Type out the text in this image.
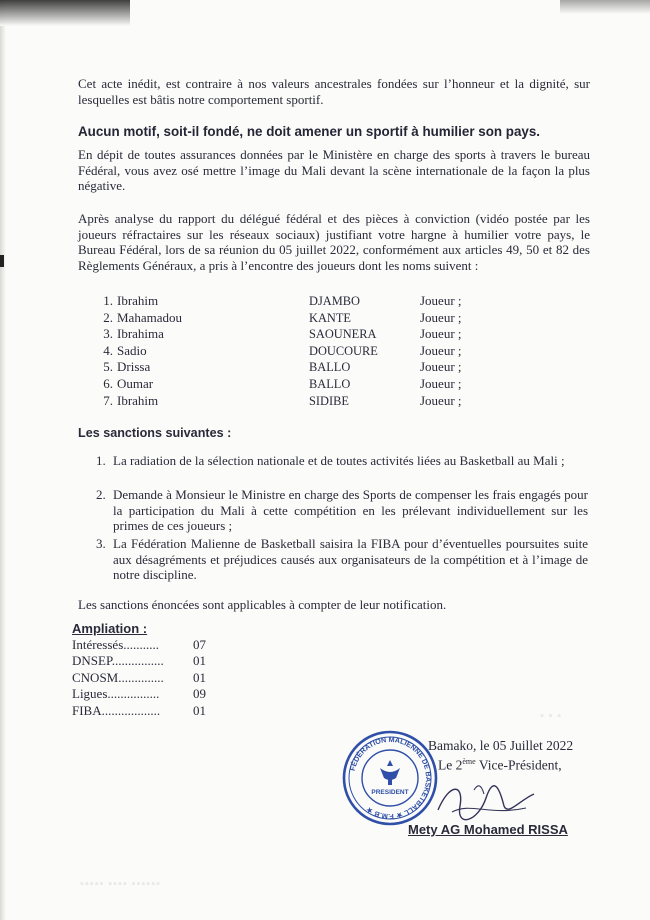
Cet acte inédit, est contraire à nos valeurs ancestrales fondées sur l’honneur et la dignité, sur lesquelles est bâtis notre comportement sportif.

Aucun motif, soit-il fondé, ne doit amener un sportif à humilier son pays.

En dépit de toutes assurances données par le Ministère en charge des sports à travers le bureau Fédéral, vous avez osé mettre l’image du Mali devant la scène internationale de la façon la plus négative.

Après analyse du rapport du délégué fédéral et des pièces à conviction (vidéo postée par les joueurs réfractaires sur les réseaux sociaux) justifiant votre hargne à humilier votre pays, le Bureau Fédéral, lors de sa réunion du 05 juillet 2022, conformément aux articles 49, 50 et 82 des Règlements Généraux, a pris à l’encontre des joueurs dont les noms suivent :

1. Ibrahim	DJAMBO	Joueur ;
2. Mahamadou	KANTE	Joueur ;
3. Ibrahima	SAOUNERA	Joueur ;
4. Sadio	DOUCOURE	Joueur ;
5. Drissa	BALLO	Joueur ;
6. Oumar	BALLO	Joueur ;
7. Ibrahim	SIDIBE	Joueur ;

Les sanctions suivantes :

1. La radiation de la sélection nationale et de toutes activités liées au Basketball au Mali ;
2. Demande à Monsieur le Ministre en charge des Sports de compenser les frais engagés pour la participation du Mali à cette compétition en les prélevant individuellement sur les primes de ces joueurs ;
3. La Fédération Malienne de Basketball saisira la FIBA pour d’éventuelles poursuites suite aux désagréments et préjudices causés aux organisateurs de la compétition et à l’image de notre discipline.

Les sanctions énoncées sont applicables à compter de leur notification.

Ampliation :

Intéressés...........	07
DNSEP................ 01
CNOSM.............. 01
Ligues................	09
FIBA..................	01
FÉDÉRATION MALIENNE DE BASKETBALL ★ F.M.B ★
PRESIDENT

Bamako, le 05 Juillet 2022

Le 2ème Vice-Président,

Mety AG Mohamed RISSA

▪ ▪ ▪
▪▪▪▪▪ ▪▪▪▪ ▪▪▪▪▪▪
